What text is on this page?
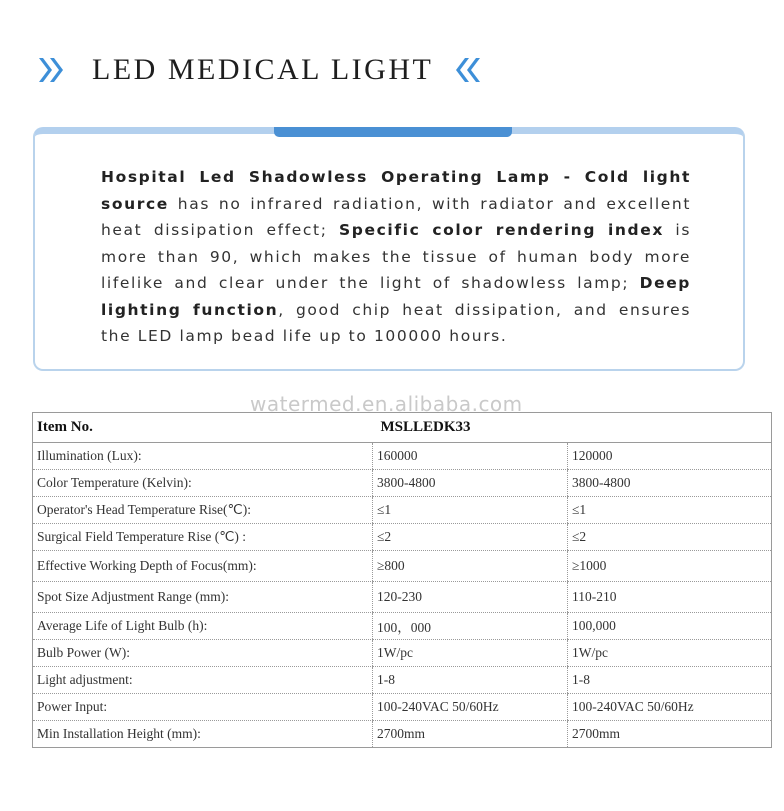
LED MEDICAL LIGHT

Hospital Led Shadowless Operating Lamp - Cold light source has no infrared radiation, with radiator and excellent heat dissipation effect; Specific color rendering index is more than 90, which makes the tissue of human body more lifelike and clear under the light of shadowless lamp; Deep lighting function, good chip heat dissipation, and ensures the LED lamp bead life up to 100000 hours.

watermed.en.alibaba.com
Item No.	MSLLEDK33	
Illumination (Lux):	160000	120000
Color Temperature (Kelvin):	3800-4800	3800-4800
Operator's Head Temperature Rise(℃):	≤1	≤1
Surgical Field Temperature Rise (℃) :	≤2	≤2
Effective Working Depth of Focus(mm):	≥800	≥1000
Spot Size Adjustment Range (mm):	120-230	110-210
Average Life of Light Bulb (h):	100，000	100,000
Bulb Power (W):	1W/pc	1W/pc
Light adjustment:	1-8	1-8
Power Input:	100-240VAC 50/60Hz	100-240VAC 50/60Hz
Min Installation Height (mm):	2700mm	2700mm
